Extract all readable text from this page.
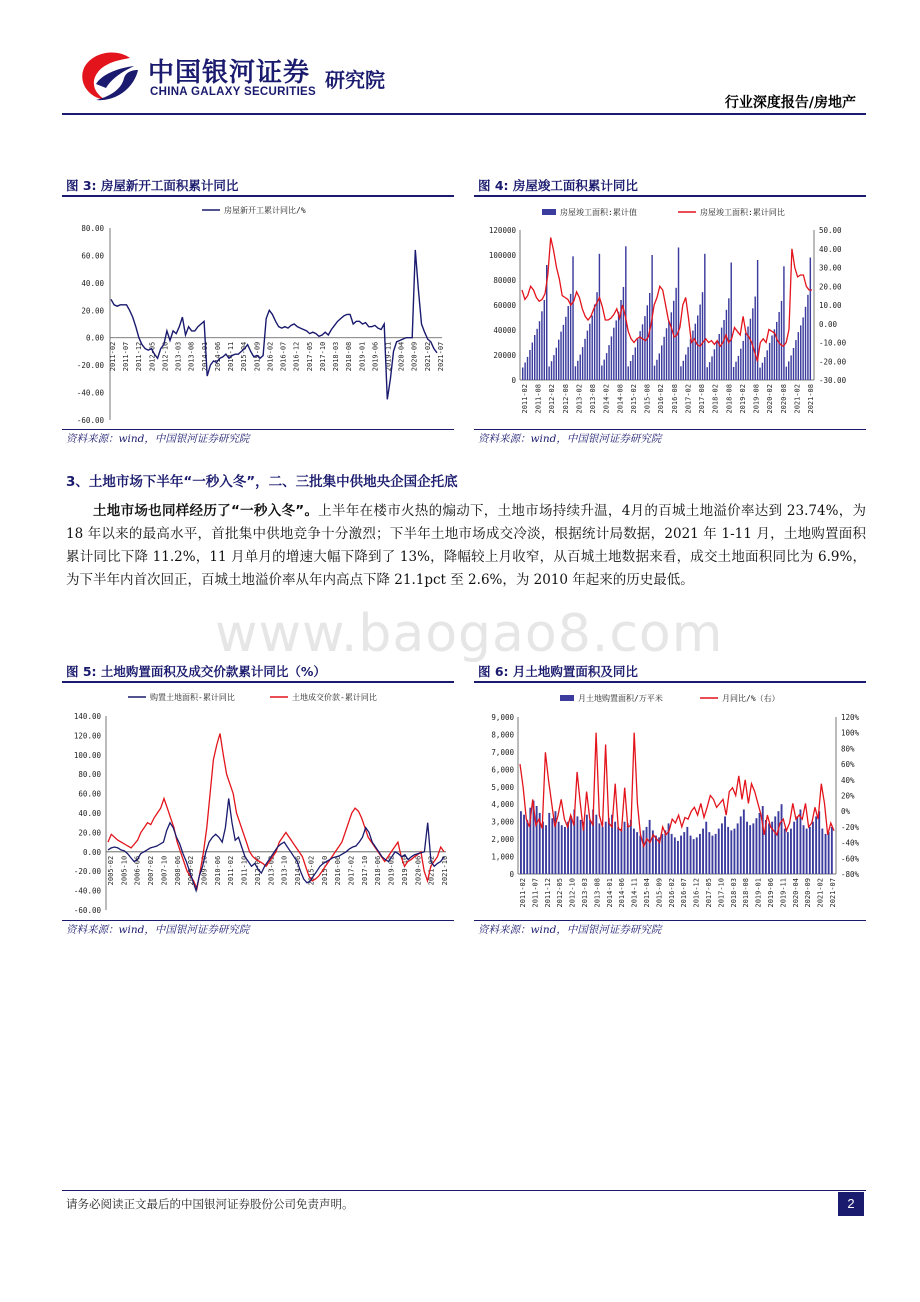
中国银河证券
CHINA GALAXY SECURITIES 研究院
行业深度报告/房地产
图 3: 房屋新开工面积累计同比
房屋新开工累计同比/%
80.00
60.00
40.00
20.00
0.00
-20.00
-40.00
-60.00
2011-02 2011-07 2011-12 2012-05 2012-10 2013-03 2013-08 2014-01 2014-06 2014-11 2015-04 2015-09 2016-02 2016-07 2016-12 2017-05 2017-10 2018-03 2018-08 2019-01 2019-06 2019-11 2020-04 2020-09 2021-02 2021-07
资料来源：wind，中国银河证券研究院
图 4: 房屋竣工面积累计同比
房屋竣工面积:累计值	房屋竣工面积:累计同比
120000
100000
80000
60000
40000
20000
0
50.00
40.00
30.00
20.00
10.00
0.00
-10.00
-20.00
-30.00
2011-02 2011-08 2012-02 2012-08 2013-02 2013-08 2014-02 2014-08 2015-02 2015-08 2016-02 2016-08 2017-02 2017-08 2018-02 2018-08 2019-02 2019-08 2020-02 2020-08 2021-02 2021-08
资料来源：wind，中国银河证券研究院
3、土地市场下半年“一秒入冬”，二、三批集中供地央企国企托底
土地市场也同样经历了“一秒入冬”。上半年在楼市火热的煽动下，土地市场持续升温，4月的百城土地溢价率达到 23.74%，为 18 年以来的最高水平，首批集中供地竞争十分激烈；下半年土地市场成交冷淡，根据统计局数据，2021 年 1-11 月，土地购置面积累计同比下降 11.2%，11 月单月的增速大幅下降到了 13%，降幅较上月收窄，从百城土地数据来看，成交土地面积同比为 6.9%，为下半年内首次回正，百城土地溢价率从年内高点下降 21.1pct 至 2.6%，为 2010 年起来的历史最低。
www.baogao8.com
图 5: 土地购置面积及成交价款累计同比（%）
购置土地面积-累计同比	土地成交价款-累计同比
140.00
120.00
100.00
80.00
60.00
40.00
20.00
0.00
-20.00
-40.00
-60.00
2005-02 2005-10 2006-06 2007-02 2007-10 2008-06 2009-02 2009-10 2010-06 2011-02 2011-10 2012-06 2013-02 2013-10 2014-06 2015-02 2015-10 2016-06 2017-02 2017-10 2018-06 2019-02 2019-10 2020-06 2021-02 2021-10
资料来源：wind，中国银河证券研究院
图 6: 月土地购置面积及同比
月土地购置面积/万平米	月同比/%（右）
9,000
8,000
7,000
6,000
5,000
4,000
3,000
2,000
1,000
0
120%
100%
80%
60%
40%
20%
0%
-20%
-40%
-60%
-80%
2011-02 2011-07 2011-12 2012-05 2012-10 2013-03 2013-08 2014-01 2014-06 2014-11 2015-04 2015-09 2016-02 2016-07 2016-12 2017-05 2017-10 2018-03 2018-08 2019-01 2019-06 2019-11 2020-04 2020-09 2021-02 2021-07
资料来源：wind，中国银河证券研究院
请务必阅读正文最后的中国银河证券股份公司免责声明。	2
